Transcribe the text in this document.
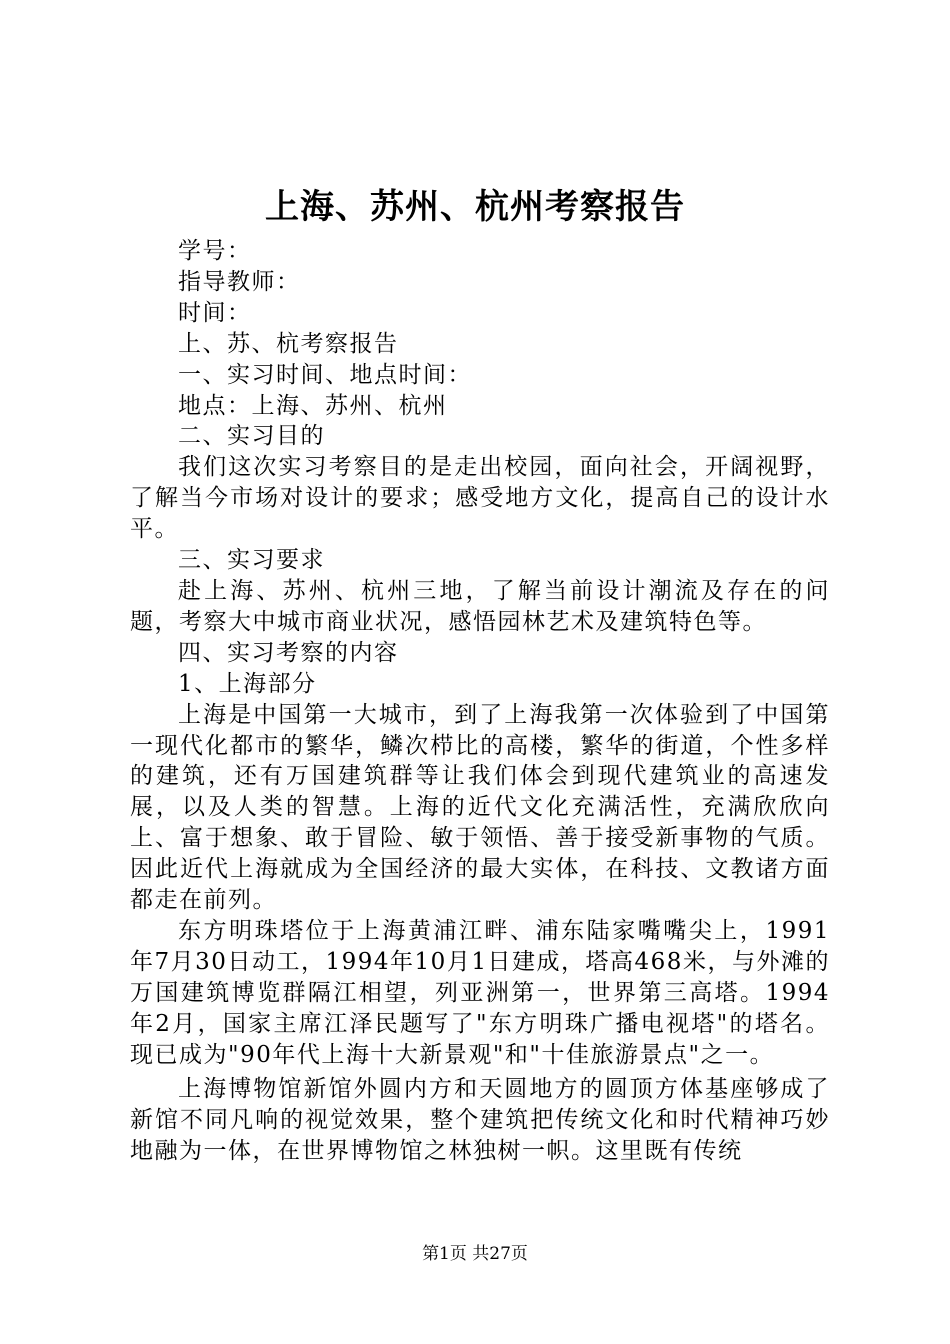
上海、苏州、杭州考察报告
学号：
指导教师：
时间：
上、苏、杭考察报告
一、实习时间、地点时间：
地点：上海、苏州、杭州
二、实习目的

我们这次实习考察目的是走出校园，面向社会，开阔视野，了解当今市场对设计的要求；感受地方文化，提高自己的设计水平。

三、实习要求

赴上海、苏州、杭州三地，了解当前设计潮流及存在的问题，考察大中城市商业状况，感悟园林艺术及建筑特色等。

四、实习考察的内容
1、上海部分

上海是中国第一大城市，到了上海我第一次体验到了中国第一现代化都市的繁华，鳞次栉比的高楼，繁华的街道，个性多样的建筑，还有万国建筑群等让我们体会到现代建筑业的高速发展，以及人类的智慧。上海的近代文化充满活性，充满欣欣向上、富于想象、敢于冒险、敏于领悟、善于接受新事物的气质。因此近代上海就成为全国经济的最大实体，在科技、文教诸方面都走在前列。

东方明珠塔位于上海黄浦江畔、浦东陆家嘴嘴尖上，1991年7月30日动工，1994年10月1日建成，塔高468米，与外滩的万国建筑博览群隔江相望，列亚洲第一，世界第三高塔。1994年2月，国家主席江泽民题写了"东方明珠广播电视塔"的塔名。现已成为"90年代上海十大新景观"和"十佳旅游景点"之一。

上海博物馆新馆外圆内方和天圆地方的圆顶方体基座够成了新馆不同凡响的视觉效果，整个建筑把传统文化和时代精神巧妙地融为一体，在世界博物馆之林独树一帜。这里既有传统

第1页 共27页
